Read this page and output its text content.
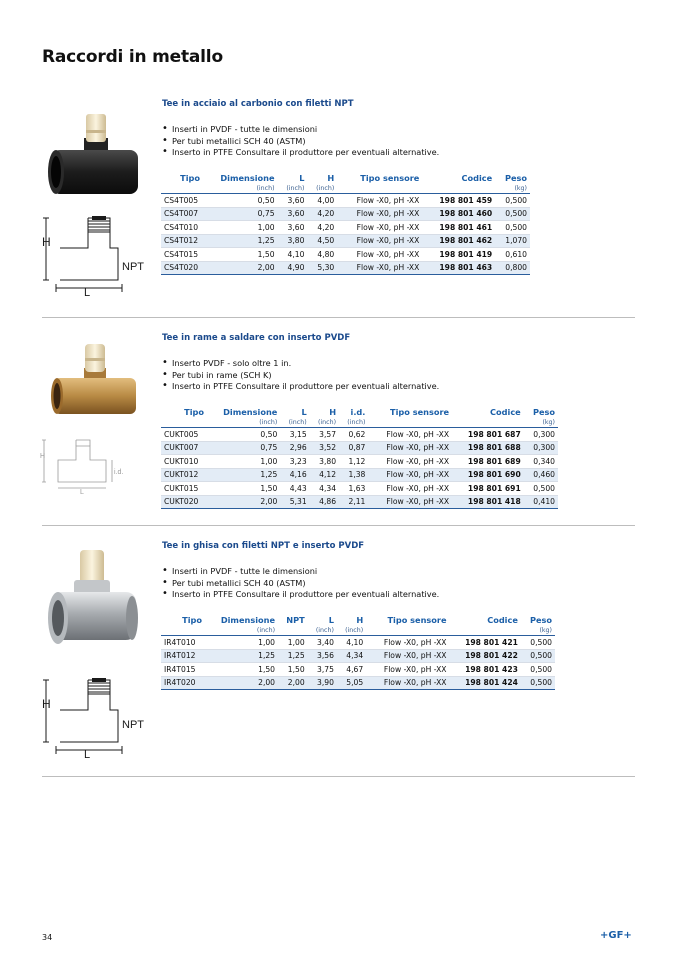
Raccordi in metallo
H
NPT
L
Tee in acciaio al carbonio con filetti NPT
• Inserti in PVDF - tutte le dimensioni
• Per tubi metallici SCH 40 (ASTM)
• Inserto in PTFE Consultare il produttore per eventuali alternative.
Tipo	Dimensione	L	H	Tipo sensore	Codice	Peso
	(inch)	(inch)	(inch)			(kg)
CS4T005	0,50	3,60	4,00	Flow -X0, pH -XX	198 801 459	0,500
CS4T007	0,75	3,60	4,20	Flow -X0, pH -XX	198 801 460	0,500
CS4T010	1,00	3,60	4,20	Flow -X0, pH -XX	198 801 461	0,500
CS4T012	1,25	3,80	4,50	Flow -X0, pH -XX	198 801 462	1,070
CS4T015	1,50	4,10	4,80	Flow -X0, pH -XX	198 801 419	0,610
CS4T020	2,00	4,90	5,30	Flow -X0, pH -XX	198 801 463	0,800
H
i.d.
L
Tee in rame a saldare con inserto PVDF
• Inserto PVDF - solo oltre 1 in.
• Per tubi in rame (SCH K)
• Inserto in PTFE Consultare il produttore per eventuali alternative.
Tipo	Dimensione	L	H	i.d.	Tipo sensore	Codice	Peso
	(inch)	(inch)	(inch)	(inch)			(kg)
CUKT005	0,50	3,15	3,57	0,62	Flow -X0, pH -XX	198 801 687	0,300
CUKT007	0,75	2,96	3,52	0,87	Flow -X0, pH -XX	198 801 688	0,300
CUKT010	1,00	3,23	3,80	1,12	Flow -X0, pH -XX	198 801 689	0,340
CUKT012	1,25	4,16	4,12	1,38	Flow -X0, pH -XX	198 801 690	0,460
CUKT015	1,50	4,43	4,34	1,63	Flow -X0, pH -XX	198 801 691	0,500
CUKT020	2,00	5,31	4,86	2,11	Flow -X0, pH -XX	198 801 418	0,410
H
NPT
L
Tee in ghisa con filetti NPT e inserto PVDF
• Inserti in PVDF - tutte le dimensioni
• Per tubi metallici SCH 40 (ASTM)
• Inserto in PTFE Consultare il produttore per eventuali alternative.
Tipo	Dimensione	NPT	L	H	Tipo sensore	Codice	Peso
	(inch)		(inch)	(inch)			(kg)
IR4T010	1,00	1,00	3,40	4,10	Flow -X0, pH -XX	198 801 421	0,500
IR4T012	1,25	1,25	3,56	4,34	Flow -X0, pH -XX	198 801 422	0,500
IR4T015	1,50	1,50	3,75	4,67	Flow -X0, pH -XX	198 801 423	0,500
IR4T020	2,00	2,00	3,90	5,05	Flow -X0, pH -XX	198 801 424	0,500
34	+GF+
